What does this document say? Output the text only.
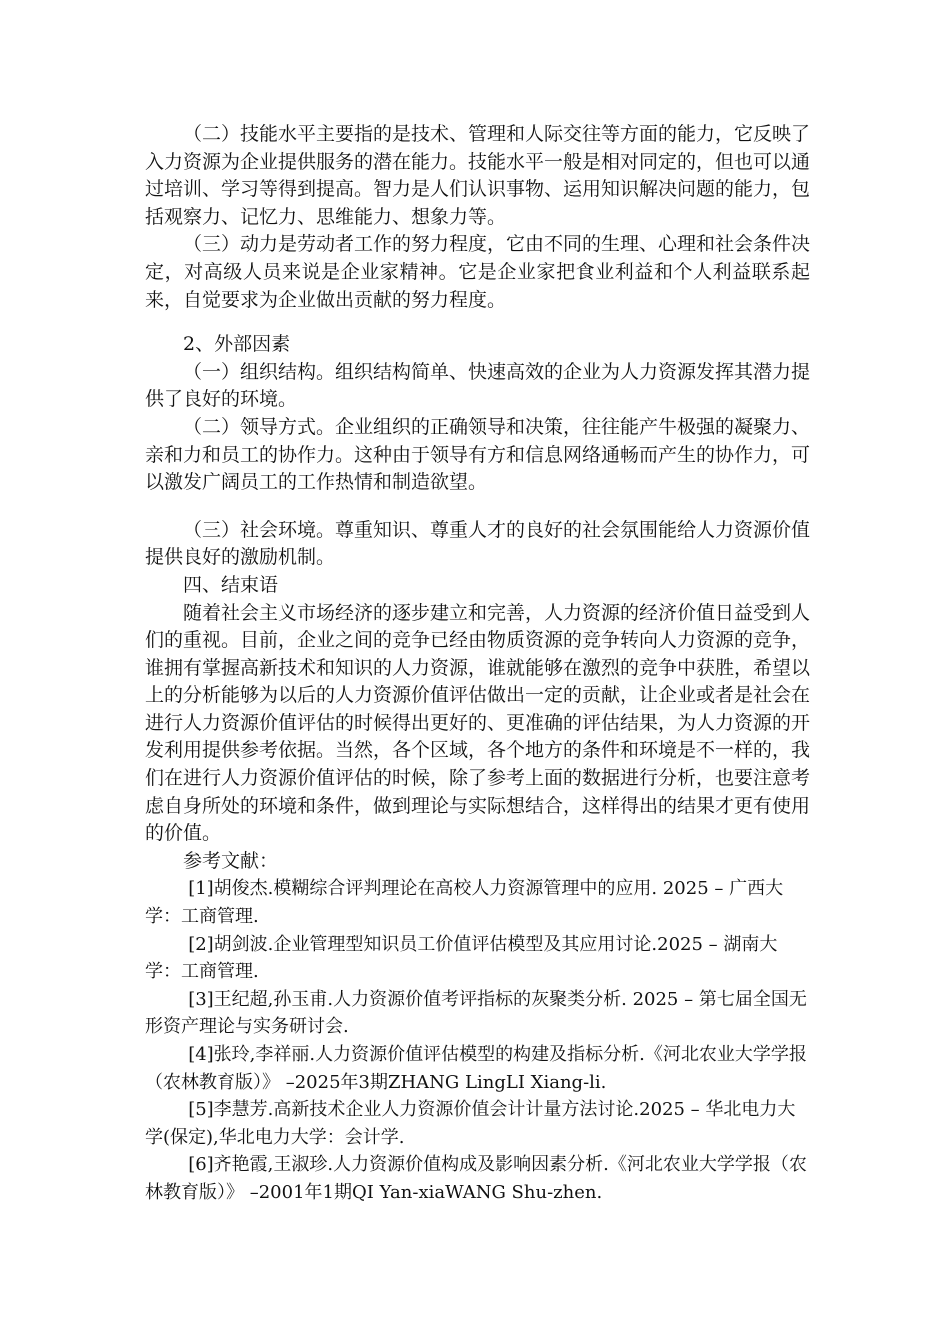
（二）技能水平主要指的是技术、管理和人际交往等方面的能力，它反映了入力资源为企业提供服务的潜在能力。技能水平一般是相对同定的，但也可以通过培训、学习等得到提高。智力是人们认识事物、运用知识解决问题的能力，包括观察力、记忆力、思维能力、想象力等。

（三）动力是劳动者工作的努力程度，它由不同的生理、心理和社会条件决定，对高级人员来说是企业家精神。它是企业家把食业利益和个人利益联系起来，自觉要求为企业做出贡献的努力程度。

2、外部因素

（一）组织结构。组织结构简单、快速高效的企业为人力资源发挥其潜力提供了良好的环境。

（二）领导方式。企业组织的正确领导和决策，往往能产牛极强的凝聚力、亲和力和员工的协作力。这种由于领导有方和信息网络通畅而产生的协作力，可以激发广阔员工的工作热情和制造欲望。

（三）社会环境。尊重知识、尊重人才的良好的社会氛围能给人力资源价值提供良好的激励机制。

四、结束语

随着社会主义市场经济的逐步建立和完善，人力资源的经济价值日益受到人们的重视。目前，企业之间的竞争已经由物质资源的竞争转向人力资源的竞争，谁拥有掌握高新技术和知识的人力资源，谁就能够在激烈的竞争中获胜，希望以上的分析能够为以后的人力资源价值评估做出一定的贡献，让企业或者是社会在进行人力资源价值评估的时候得出更好的、更准确的评估结果，为人力资源的开发利用提供参考依据。当然，各个区域，各个地方的条件和环境是不一样的，我们在进行人力资源价值评估的时候，除了参考上面的数据进行分析，也要注意考虑自身所处的环境和条件，做到理论与实际想结合，这样得出的结果才更有使用的价值。

参考文献：

[1]胡俊杰.模糊综合评判理论在高校人力资源管理中的应用. 2025 – 广西大学：工商管理.

[2]胡剑波.企业管理型知识员工价值评估模型及其应用讨论.2025 – 湖南大学：工商管理.

[3]王纪超,孙玉甫.人力资源价值考评指标的灰聚类分析. 2025 – 第七届全国无形资产理论与实务研讨会.

[4]张玲,李祥丽.人力资源价值评估模型的构建及指标分析.《河北农业大学学报（农林教育版）》 –2025年3期ZHANG LingLI Xiang-li.

[5]李慧芳.高新技术企业人力资源价值会计计量方法讨论.2025 – 华北电力大学(保定),华北电力大学：会计学.

[6]齐艳霞,王淑珍.人力资源价值构成及影响因素分析.《河北农业大学学报（农林教育版）》 –2001年1期QI Yan-xiaWANG Shu-zhen.
